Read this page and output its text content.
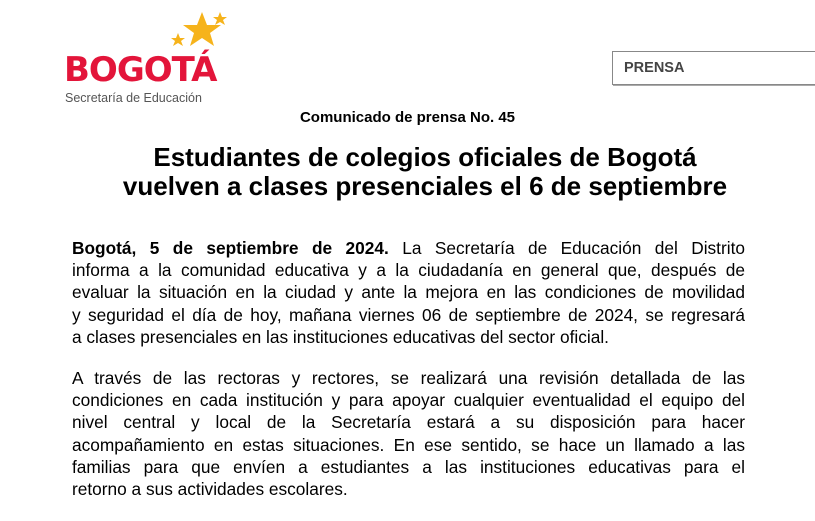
BOGOTÁ
Secretaría de Educación
PRENSA
Comunicado de prensa No. 45
Estudiantes de colegios oficiales de Bogotá
vuelven a clases presenciales el 6 de septiembre
Bogotá, 5 de septiembre de 2024. La Secretaría de Educación del Distrito
informa a la comunidad educativa y a la ciudadanía en general que, después de
evaluar la situación en la ciudad y ante la mejora en las condiciones de movilidad
y seguridad el día de hoy, mañana viernes 06 de septiembre de 2024, se regresará
a clases presenciales en las instituciones educativas del sector oficial.
A través de las rectoras y rectores, se realizará una revisión detallada de las
condiciones en cada institución y para apoyar cualquier eventualidad el equipo del
nivel central y local de la Secretaría estará a su disposición para hacer
acompañamiento en estas situaciones. En ese sentido, se hace un llamado a las
familias para que envíen a estudiantes a las instituciones educativas para el
retorno a sus actividades escolares.
